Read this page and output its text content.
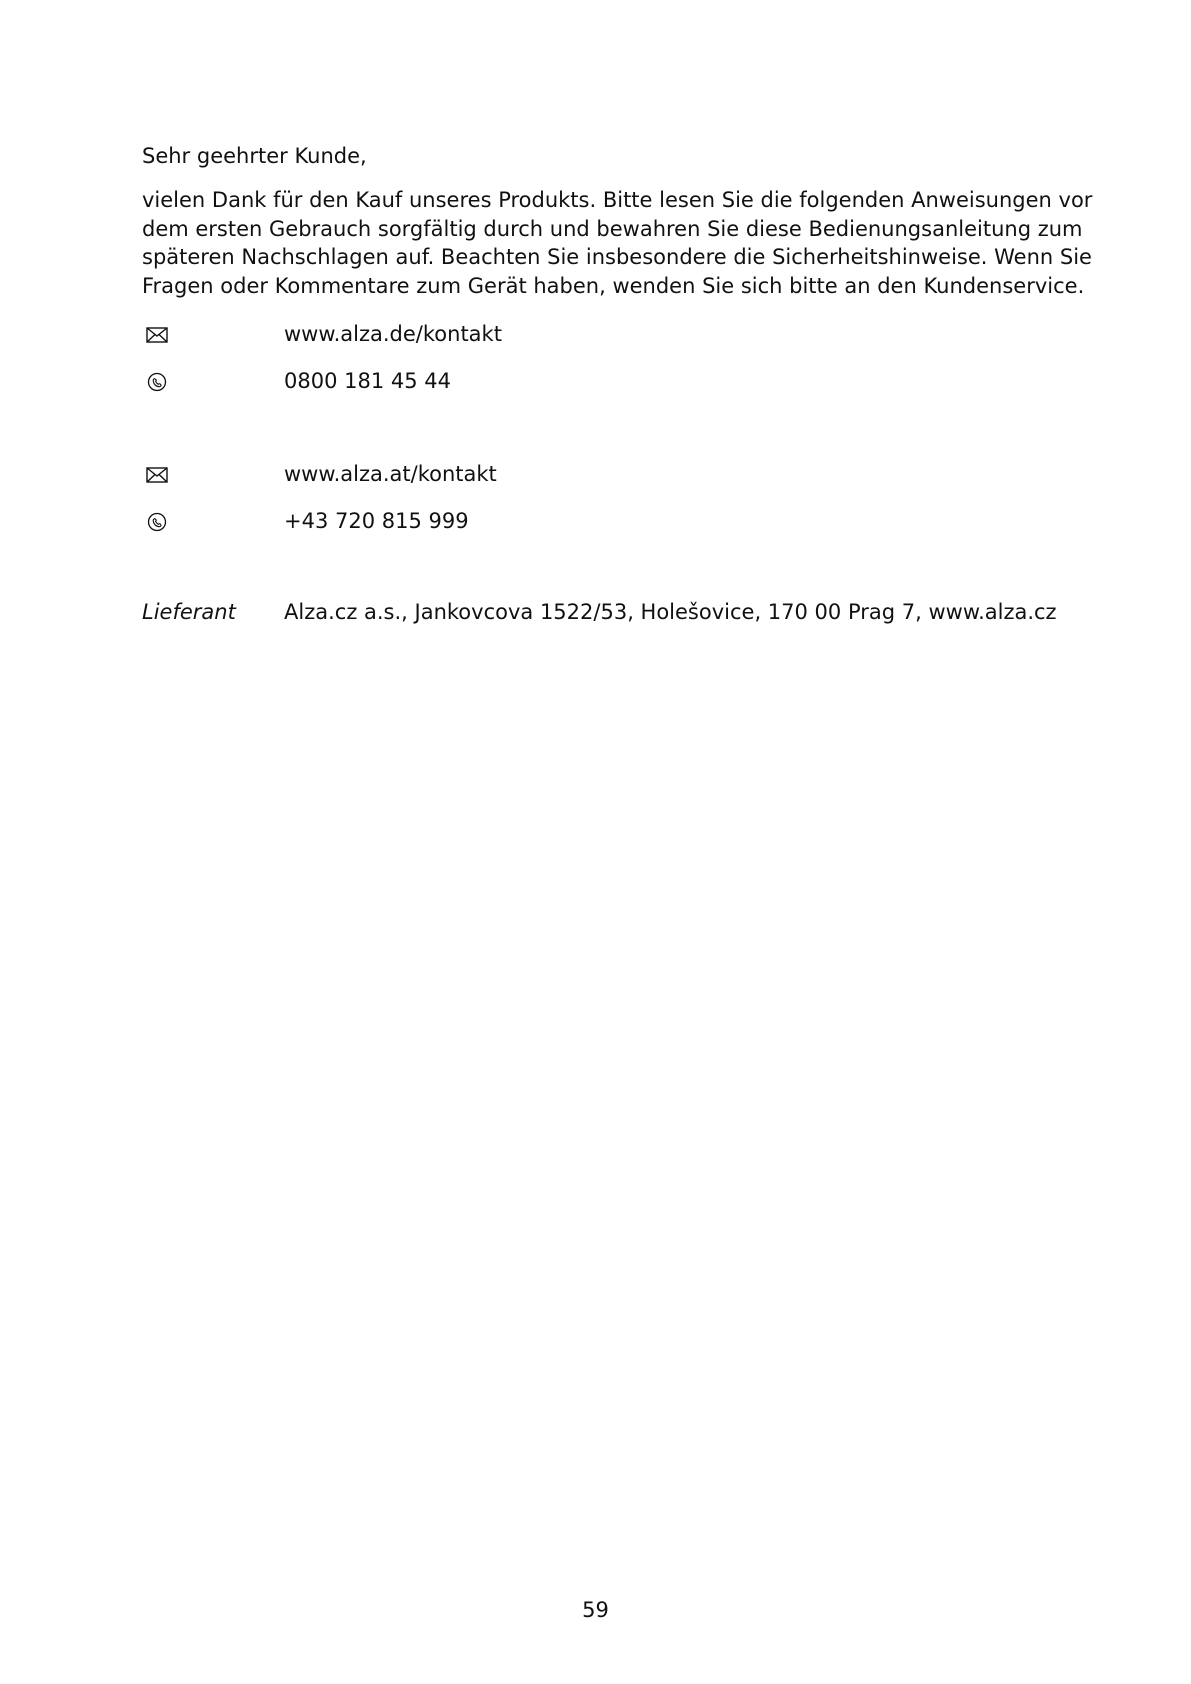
Sehr geehrter Kunde,
vielen Dank für den Kauf unseres Produkts. Bitte lesen Sie die folgenden Anweisungen vor
dem ersten Gebrauch sorgfältig durch und bewahren Sie diese Bedienungsanleitung zum
späteren Nachschlagen auf. Beachten Sie insbesondere die Sicherheitshinweise. Wenn Sie
Fragen oder Kommentare zum Gerät haben, wenden Sie sich bitte an den Kundenservice.
www.alza.de/kontakt
0800 181 45 44
www.alza.at/kontakt
+43 720 815 999
Lieferant Alza.cz a.s., Jankovcova 1522/53, Holešovice, 170 00 Prag 7, www.alza.cz
59
